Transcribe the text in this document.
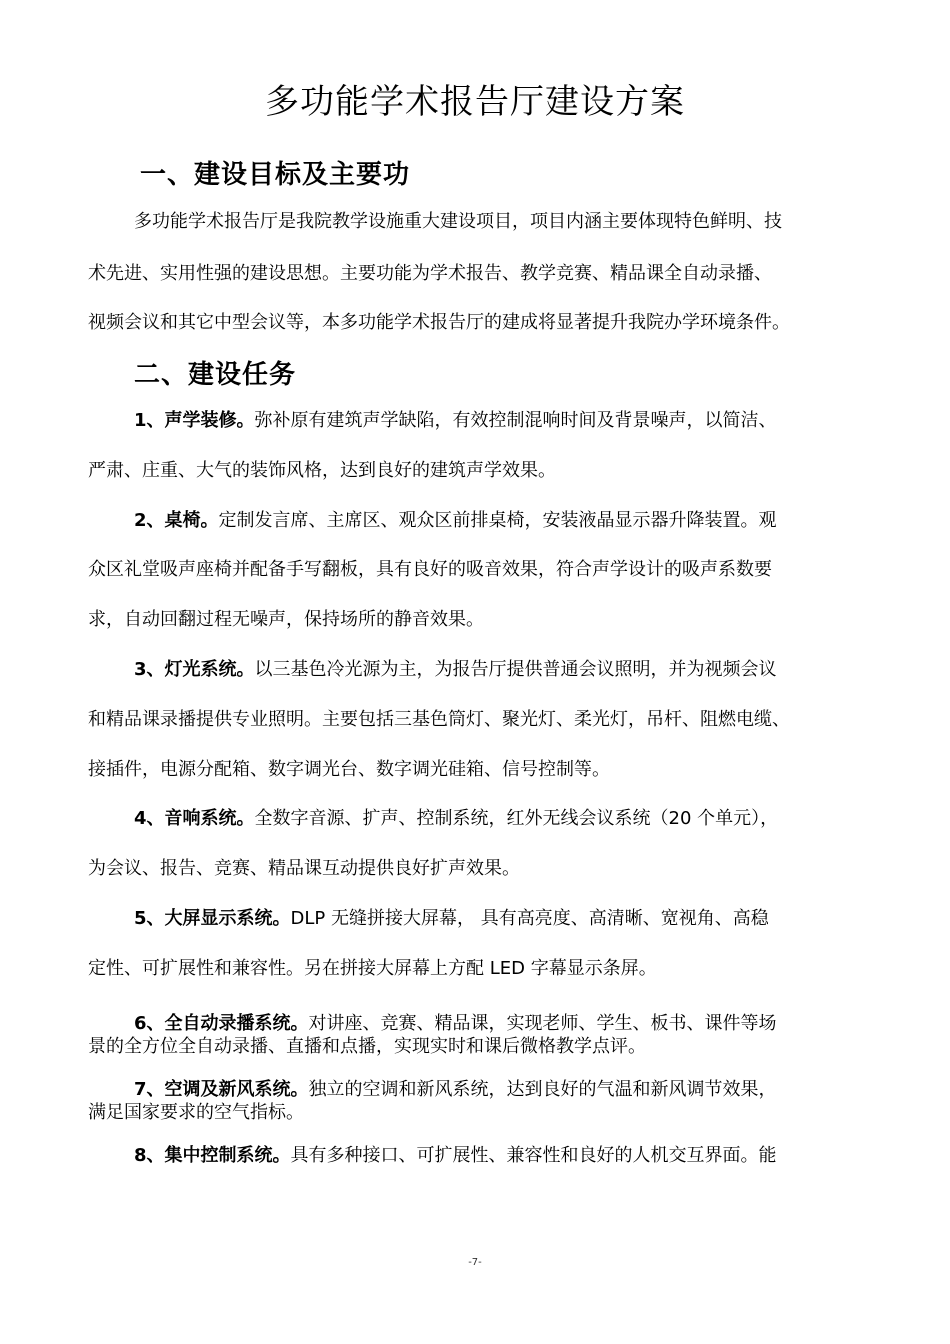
多功能学术报告厅建设方案
一、建设目标及主要功

多功能学术报告厅是我院教学设施重大建设项目，项目内涵主要体现特色鲜明、技

术先进、实用性强的建设思想。主要功能为学术报告、教学竞赛、精品课全自动录播、

视频会议和其它中型会议等，本多功能学术报告厅的建成将显著提升我院办学环境条件。

二、建设任务

1、声学装修。弥补原有建筑声学缺陷，有效控制混响时间及背景噪声，以简洁、

严肃、庄重、大气的装饰风格，达到良好的建筑声学效果。

2、桌椅。定制发言席、主席区、观众区前排桌椅，安装液晶显示器升降装置。观

众区礼堂吸声座椅并配备手写翻板，具有良好的吸音效果，符合声学设计的吸声系数要

求，自动回翻过程无噪声，保持场所的静音效果。

3、灯光系统。以三基色冷光源为主，为报告厅提供普通会议照明，并为视频会议

和精品课录播提供专业照明。主要包括三基色筒灯、聚光灯、柔光灯，吊杆、阻燃电缆、

接插件，电源分配箱、数字调光台、数字调光硅箱、信号控制等。

4、音响系统。全数字音源、扩声、控制系统，红外无线会议系统（20 个单元），

为会议、报告、竞赛、精品课互动提供良好扩声效果。

5、大屏显示系统。DLP 无缝拼接大屏幕， 具有高亮度、高清晰、宽视角、高稳

定性、可扩展性和兼容性。另在拼接大屏幕上方配 LED 字幕显示条屏。

6、全自动录播系统。对讲座、竞赛、精品课，实现老师、学生、板书、课件等场

景的全方位全自动录播、直播和点播，实现实时和课后微格教学点评。

7、空调及新风系统。独立的空调和新风系统，达到良好的气温和新风调节效果，

满足国家要求的空气指标。

8、集中控制系统。具有多种接口、可扩展性、兼容性和良好的人机交互界面。能

-7-
